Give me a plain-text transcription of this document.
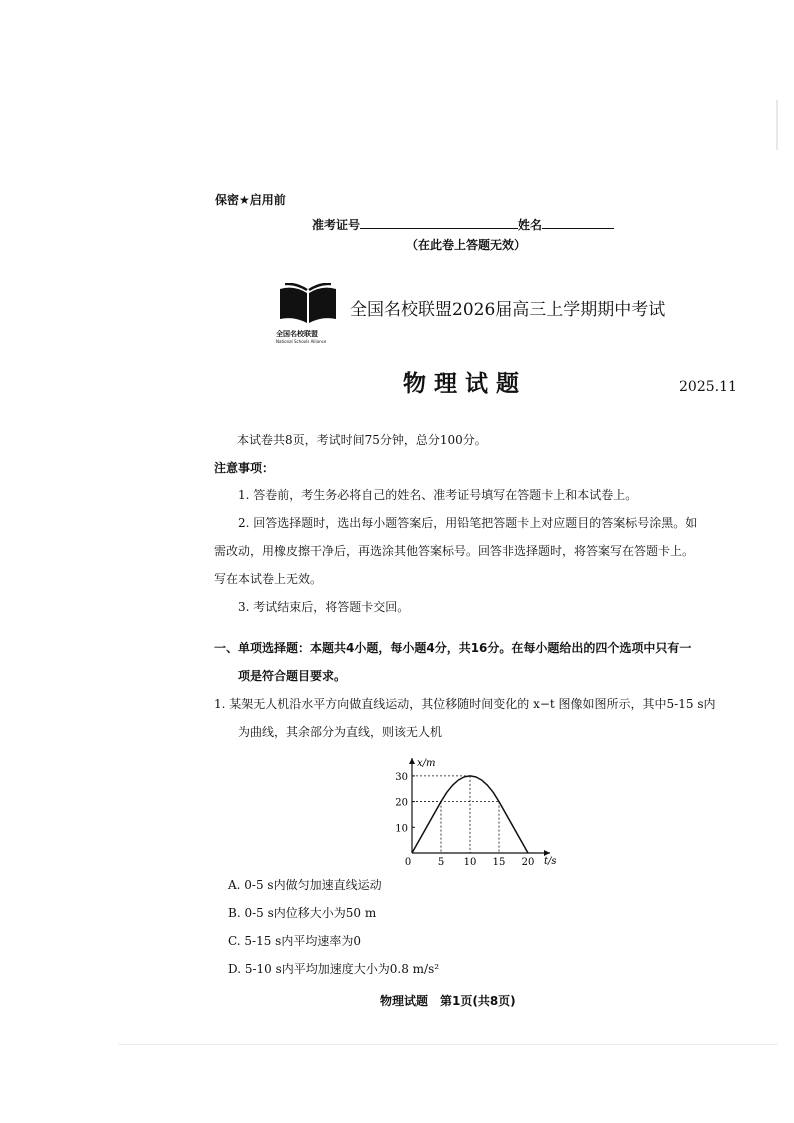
保密★启用前
准考证号	姓名
（在此卷上答题无效）
全国名校联盟
National Schools Alliance
全国名校联盟2026届高三上学期期中考试
物 理 试 题	2025.11
本试卷共8页，考试时间75分钟，总分100分。
注意事项：
1. 答卷前，考生务必将自己的姓名、准考证号填写在答题卡上和本试卷上。
2. 回答选择题时，选出每小题答案后，用铅笔把答题卡上对应题目的答案标号涂黑。如
需改动，用橡皮擦干净后，再选涂其他答案标号。回答非选择题时，将答案写在答题卡上。
写在本试卷上无效。
3. 考试结束后，将答题卡交回。
一、单项选择题：本题共4小题，每小题4分，共16分。在每小题给出的四个选项中只有一
项是符合题目要求。
1. 某架无人机沿水平方向做直线运动，其位移随时间变化的 x−t 图像如图所示，其中5-15 s内
为曲线，其余部分为直线，则该无人机
x/m
t/s
0	5 10 15 20
10
20
30
A. 0-5 s内做匀加速直线运动
B. 0-5 s内位移大小为50 m
C. 5-15 s内平均速率为0
D. 5-10 s内平均加速度大小为0.8 m/s²
物理试题　第1页(共8页)
